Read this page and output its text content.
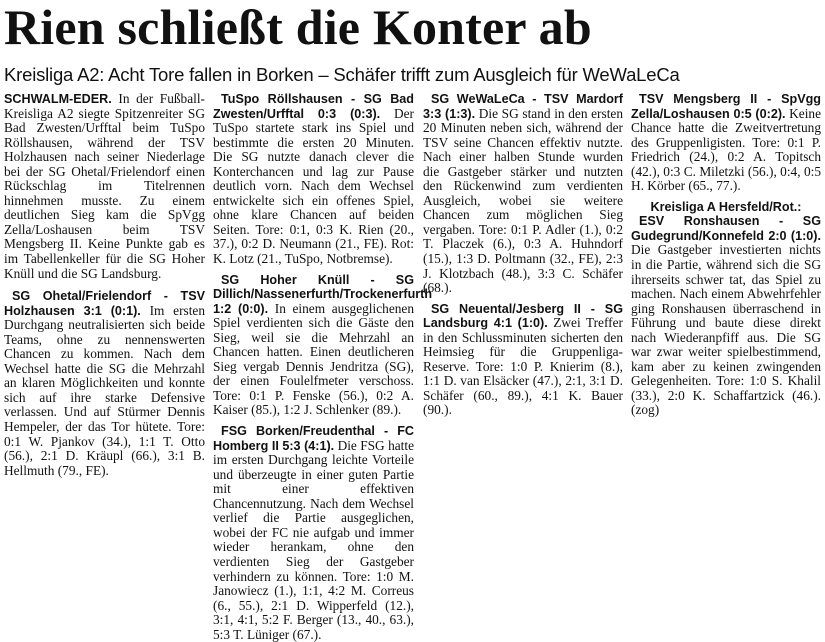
Rien schließt die Konter ab
Kreisliga A2: Acht Tore fallen in Borken – Schäfer trifft zum Ausgleich für WeWaLeCa

SCHWALM-EDER. In der Fußball-Kreisliga A2 siegte Spitzenreiter SG Bad Zwesten/Urfftal beim TuSpo Röllshausen, während der TSV Holzhausen nach seiner Niederlage bei der SG Ohetal/Frielendorf einen Rückschlag im Titelrennen hinnehmen musste. Zu einem deutlichen Sieg kam die SpVgg Zella/Loshausen beim TSV Mengsberg II. Keine Punkte gab es im Tabellenkeller für die SG Hoher Knüll und die SG Landsburg.

SG Ohetal/Frielendorf - TSV Holzhausen 3:1 (0:1). Im ersten Durchgang neutralisierten sich beide Teams, ohne zu nennenswerten Chancen zu kommen. Nach dem Wechsel hatte die SG die Mehrzahl an klaren Möglichkeiten und konnte sich auf ihre starke Defensive verlassen. Und auf Stürmer Dennis Hempeler, der das Tor hütete. Tore: 0:1 W. Pjankov (34.), 1:1 T. Otto (56.), 2:1 D. Kräupl (66.), 3:1 B. Hellmuth (79., FE).

TuSpo Röllshausen - SG Bad Zwesten/Urfftal 0:3 (0:3). Der TuSpo startete stark ins Spiel und bestimmte die ersten 20 Minuten. Die SG nutzte danach clever die Konterchancen und lag zur Pause deutlich vorn. Nach dem Wechsel entwickelte sich ein offenes Spiel, ohne klare Chancen auf beiden Seiten. Tore: 0:1, 0:3 K. Rien (20., 37.), 0:2 D. Neumann (21., FE). Rot: K. Lotz (21., TuSpo, Notbremse).

SG Hoher Knüll - SG Dillich/Nassenerfurth/Trockenerfurth 1:2 (0:0). In einem ausgeglichenen Spiel verdienten sich die Gäste den Sieg, weil sie die Mehrzahl an Chancen hatten. Einen deutlicheren Sieg vergab Dennis Jendritza (SG), der einen Foulelfmeter verschoss. Tore: 0:1 P. Fenske (56.), 0:2 A. Kaiser (85.), 1:2 J. Schlenker (89.).

FSG Borken/Freudenthal - FC Homberg II 5:3 (4:1). Die FSG hatte im ersten Durchgang leichte Vorteile und überzeugte in einer guten Partie mit einer effektiven Chancennutzung. Nach dem Wechsel verlief die Partie ausgeglichen, wobei der FC nie aufgab und immer wieder herankam, ohne den verdienten Sieg der Gastgeber verhindern zu können. Tore: 1:0 M. Janowiecz (1.), 1:1, 4:2 M. Correus (6., 55.), 2:1 D. Wipperfeld (12.), 3:1, 4:1, 5:2 F. Berger (13., 40., 63.), 5:3 T. Lüniger (67.).

SG WeWaLeCa - TSV Mardorf 3:3 (1:3). Die SG stand in den ersten 20 Minuten neben sich, während der TSV seine Chancen effektiv nutzte. Nach einer halben Stunde wurden die Gastgeber stärker und nutzten den Rückenwind zum verdienten Ausgleich, wobei sie weitere Chancen zum möglichen Sieg vergaben. Tore: 0:1 P. Adler (1.), 0:2 T. Placzek (6.), 0:3 A. Huhndorf (15.), 1:3 D. Poltmann (32., FE), 2:3 J. Klotzbach (48.), 3:3 C. Schäfer (68.).

SG Neuental/Jesberg II - SG Landsburg 4:1 (1:0). Zwei Treffer in den Schlussminuten sicherten den Heimsieg für die Gruppenliga-Reserve. Tore: 1:0 P. Knierim (8.), 1:1 D. van Elsäcker (47.), 2:1, 3:1 D. Schäfer (60., 89.), 4:1 K. Bauer (90.).

TSV Mengsberg II - SpVgg Zella/Loshausen 0:5 (0:2). Keine Chance hatte die Zweitvertretung des Gruppenligisten. Tore: 0:1 P. Friedrich (24.), 0:2 A. Topitsch (42.), 0:3 C. Miletzki (56.), 0:4, 0:5 H. Körber (65., 77.).

Kreisliga A Hersfeld/Rot.:

ESV Ronshausen - SG Gudegrund/Konnefeld 2:0 (1:0). Die Gastgeber investierten nichts in die Partie, während sich die SG ihrerseits schwer tat, das Spiel zu machen. Nach einem Abwehrfehler ging Ronshausen überraschend in Führung und baute diese direkt nach Wiederanpfiff aus. Die SG war zwar weiter spielbestimmend, kam aber zu keinen zwingenden Gelegenheiten. Tore: 1:0 S. Khalil (33.), 2:0 K. Schaffartzick (46.). (zog)
